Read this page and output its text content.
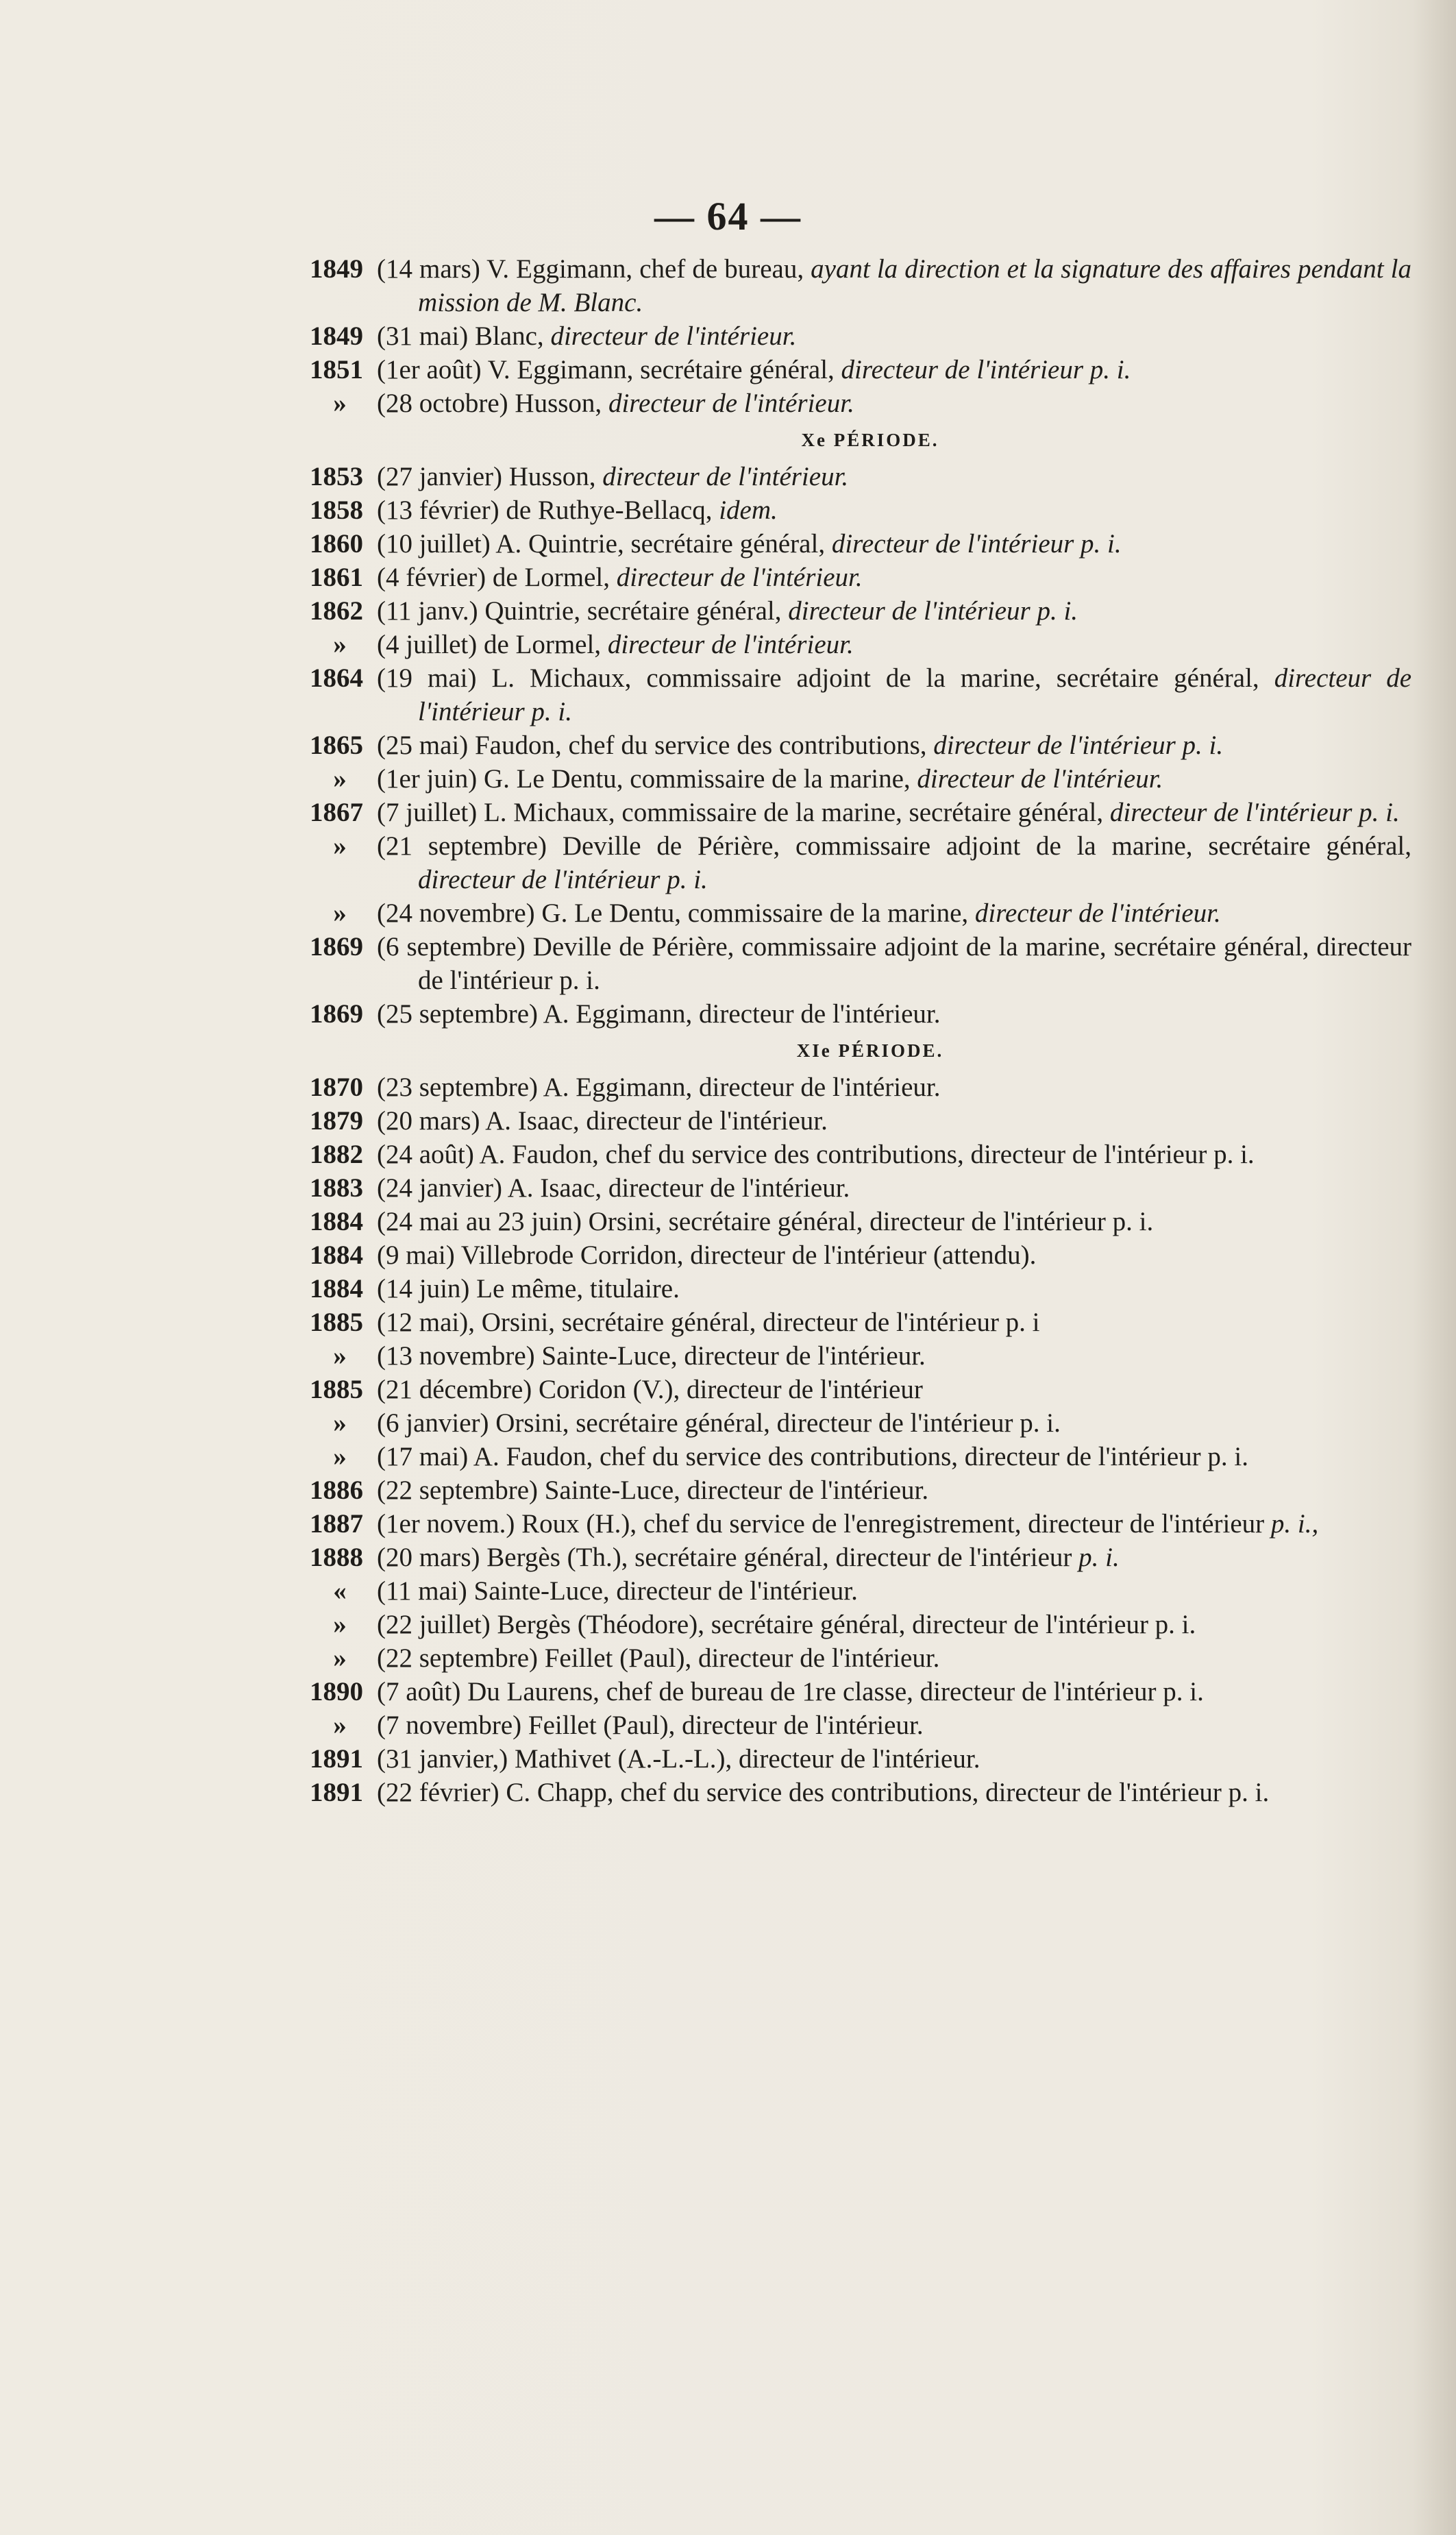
— 64 —
1849 (14 mars) V. Eggimann, chef de bureau, ayant la direction et la signature des affaires pendant la mission de M. Blanc.
1849 (31 mai) Blanc, directeur de l'intérieur.
1851 (1er août) V. Eggimann, secrétaire général, directeur de l'intérieur p. i.
»	(28 octobre) Husson, directeur de l'intérieur.
Xe PÉRIODE.
1853 (27 janvier) Husson, directeur de l'intérieur.
1858 (13 février) de Ruthye-Bellacq, idem.
1860 (10 juillet) A. Quintrie, secrétaire général, directeur de l'intérieur p. i.
1861 (4 février) de Lormel, directeur de l'intérieur.
1862 (11 janv.) Quintrie, secrétaire général, directeur de l'intérieur p. i.
»	(4 juillet) de Lormel, directeur de l'intérieur.
1864 (19 mai) L. Michaux, commissaire adjoint de la marine, secrétaire général, directeur de l'intérieur p. i.
1865 (25 mai) Faudon, chef du service des contributions, directeur de l'intérieur p. i.
»	(1er juin) G. Le Dentu, commissaire de la marine, directeur de l'intérieur.
1867 (7 juillet) L. Michaux, commissaire de la marine, secrétaire général, directeur de l'intérieur p. i.
»	(21 septembre) Deville de Périère, commissaire adjoint de la marine, secrétaire général, directeur de l'intérieur p. i.
»	(24 novembre) G. Le Dentu, commissaire de la marine, directeur de l'intérieur.
1869 (6 septembre) Deville de Périère, commissaire adjoint de la marine, secrétaire général, directeur de l'intérieur p. i.
1869 (25 septembre) A. Eggimann, directeur de l'intérieur.
XIe PÉRIODE.
1870 (23 septembre) A. Eggimann, directeur de l'intérieur.
1879 (20 mars) A. Isaac, directeur de l'intérieur.
1882 (24 août) A. Faudon, chef du service des contributions, directeur de l'intérieur p. i.
1883 (24 janvier) A. Isaac, directeur de l'intérieur.
1884 (24 mai au 23 juin) Orsini, secrétaire général, directeur de l'intérieur p. i.
1884 (9 mai) Villebrode Corridon, directeur de l'intérieur (attendu).
1884 (14 juin) Le même, titulaire.
1885 (12 mai), Orsini, secrétaire général, directeur de l'intérieur p. i
»	(13 novembre) Sainte-Luce, directeur de l'intérieur.
1885 (21 décembre) Coridon (V.), directeur de l'intérieur
»	(6 janvier) Orsini, secrétaire général, directeur de l'intérieur p. i.
»	(17 mai) A. Faudon, chef du service des contributions, directeur de l'intérieur p. i.
1886 (22 septembre) Sainte-Luce, directeur de l'intérieur.
1887 (1er novem.) Roux (H.), chef du service de l'enregistrement, directeur de l'intérieur p. i.,
1888 (20 mars) Bergès (Th.), secrétaire général, directeur de l'intérieur p. i.
«	(11 mai) Sainte-Luce, directeur de l'intérieur.
»	(22 juillet) Bergès (Théodore), secrétaire général, directeur de l'intérieur p. i.
»	(22 septembre) Feillet (Paul), directeur de l'intérieur.
1890 (7 août) Du Laurens, chef de bureau de 1re classe, directeur de l'intérieur p. i.
»	(7 novembre) Feillet (Paul), directeur de l'intérieur.
1891 (31 janvier,) Mathivet (A.-L.-L.), directeur de l'intérieur.
1891 (22 février) C. Chapp, chef du service des contributions, directeur de l'intérieur p. i.
